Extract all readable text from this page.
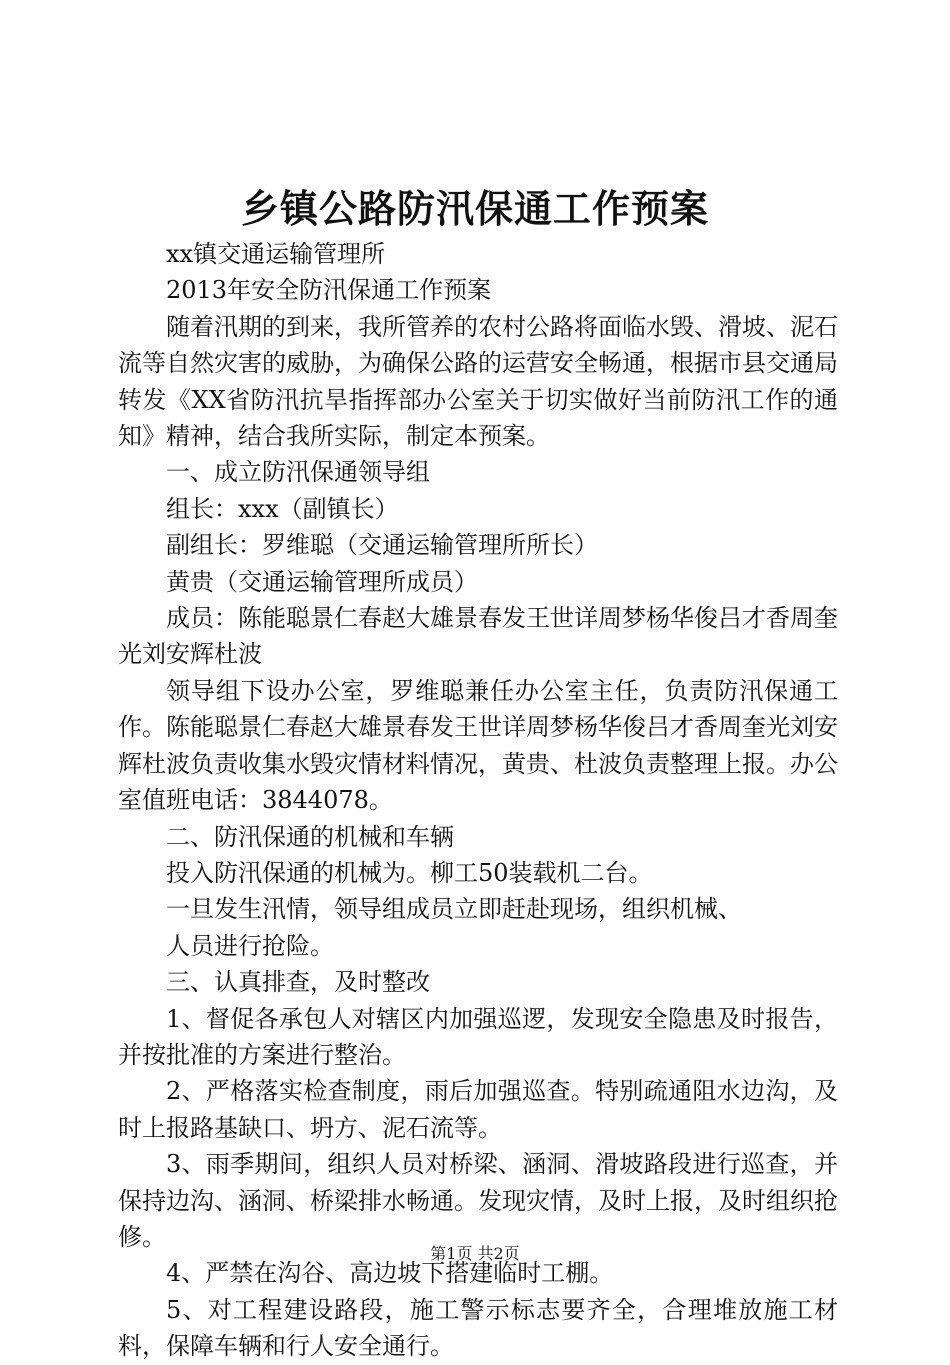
乡镇公路防汛保通工作预案

xx镇交通运输管理所

2013年安全防汛保通工作预案

随着汛期的到来，我所管养的农村公路将面临水毁、滑坡、泥石流等自然灾害的威胁，为确保公路的运营安全畅通，根据市县交通局转发《XX省防汛抗旱指挥部办公室关于切实做好当前防汛工作的通知》精神，结合我所实际，制定本预案。

一、成立防汛保通领导组

组长：xxx（副镇长）

副组长：罗维聪（交通运输管理所所长）

黄贵（交通运输管理所成员）

成员：陈能聪景仁春赵大雄景春发王世详周梦杨华俊吕才香周奎光刘安辉杜波

领导组下设办公室，罗维聪兼任办公室主任，负责防汛保通工作。陈能聪景仁春赵大雄景春发王世详周梦杨华俊吕才香周奎光刘安辉杜波负责收集水毁灾情材料情况，黄贵、杜波负责整理上报。办公室值班电话：3844078。

二、防汛保通的机械和车辆

投入防汛保通的机械为。柳工50装载机二台。

一旦发生汛情，领导组成员立即赶赴现场，组织机械、

人员进行抢险。

三、认真排查，及时整改

1、督促各承包人对辖区内加强巡逻，发现安全隐患及时报告，并按批准的方案进行整治。

2、严格落实检查制度，雨后加强巡查。特别疏通阻水边沟，及时上报路基缺口、坍方、泥石流等。

3、雨季期间，组织人员对桥梁、涵洞、滑坡路段进行巡查，并保持边沟、涵洞、桥梁排水畅通。发现灾情，及时上报，及时组织抢修。

4、严禁在沟谷、高边坡下搭建临时工棚。

5、对工程建设路段，施工警示标志要齐全，合理堆放施工材料，保障车辆和行人安全通行。

第1页 共2页
